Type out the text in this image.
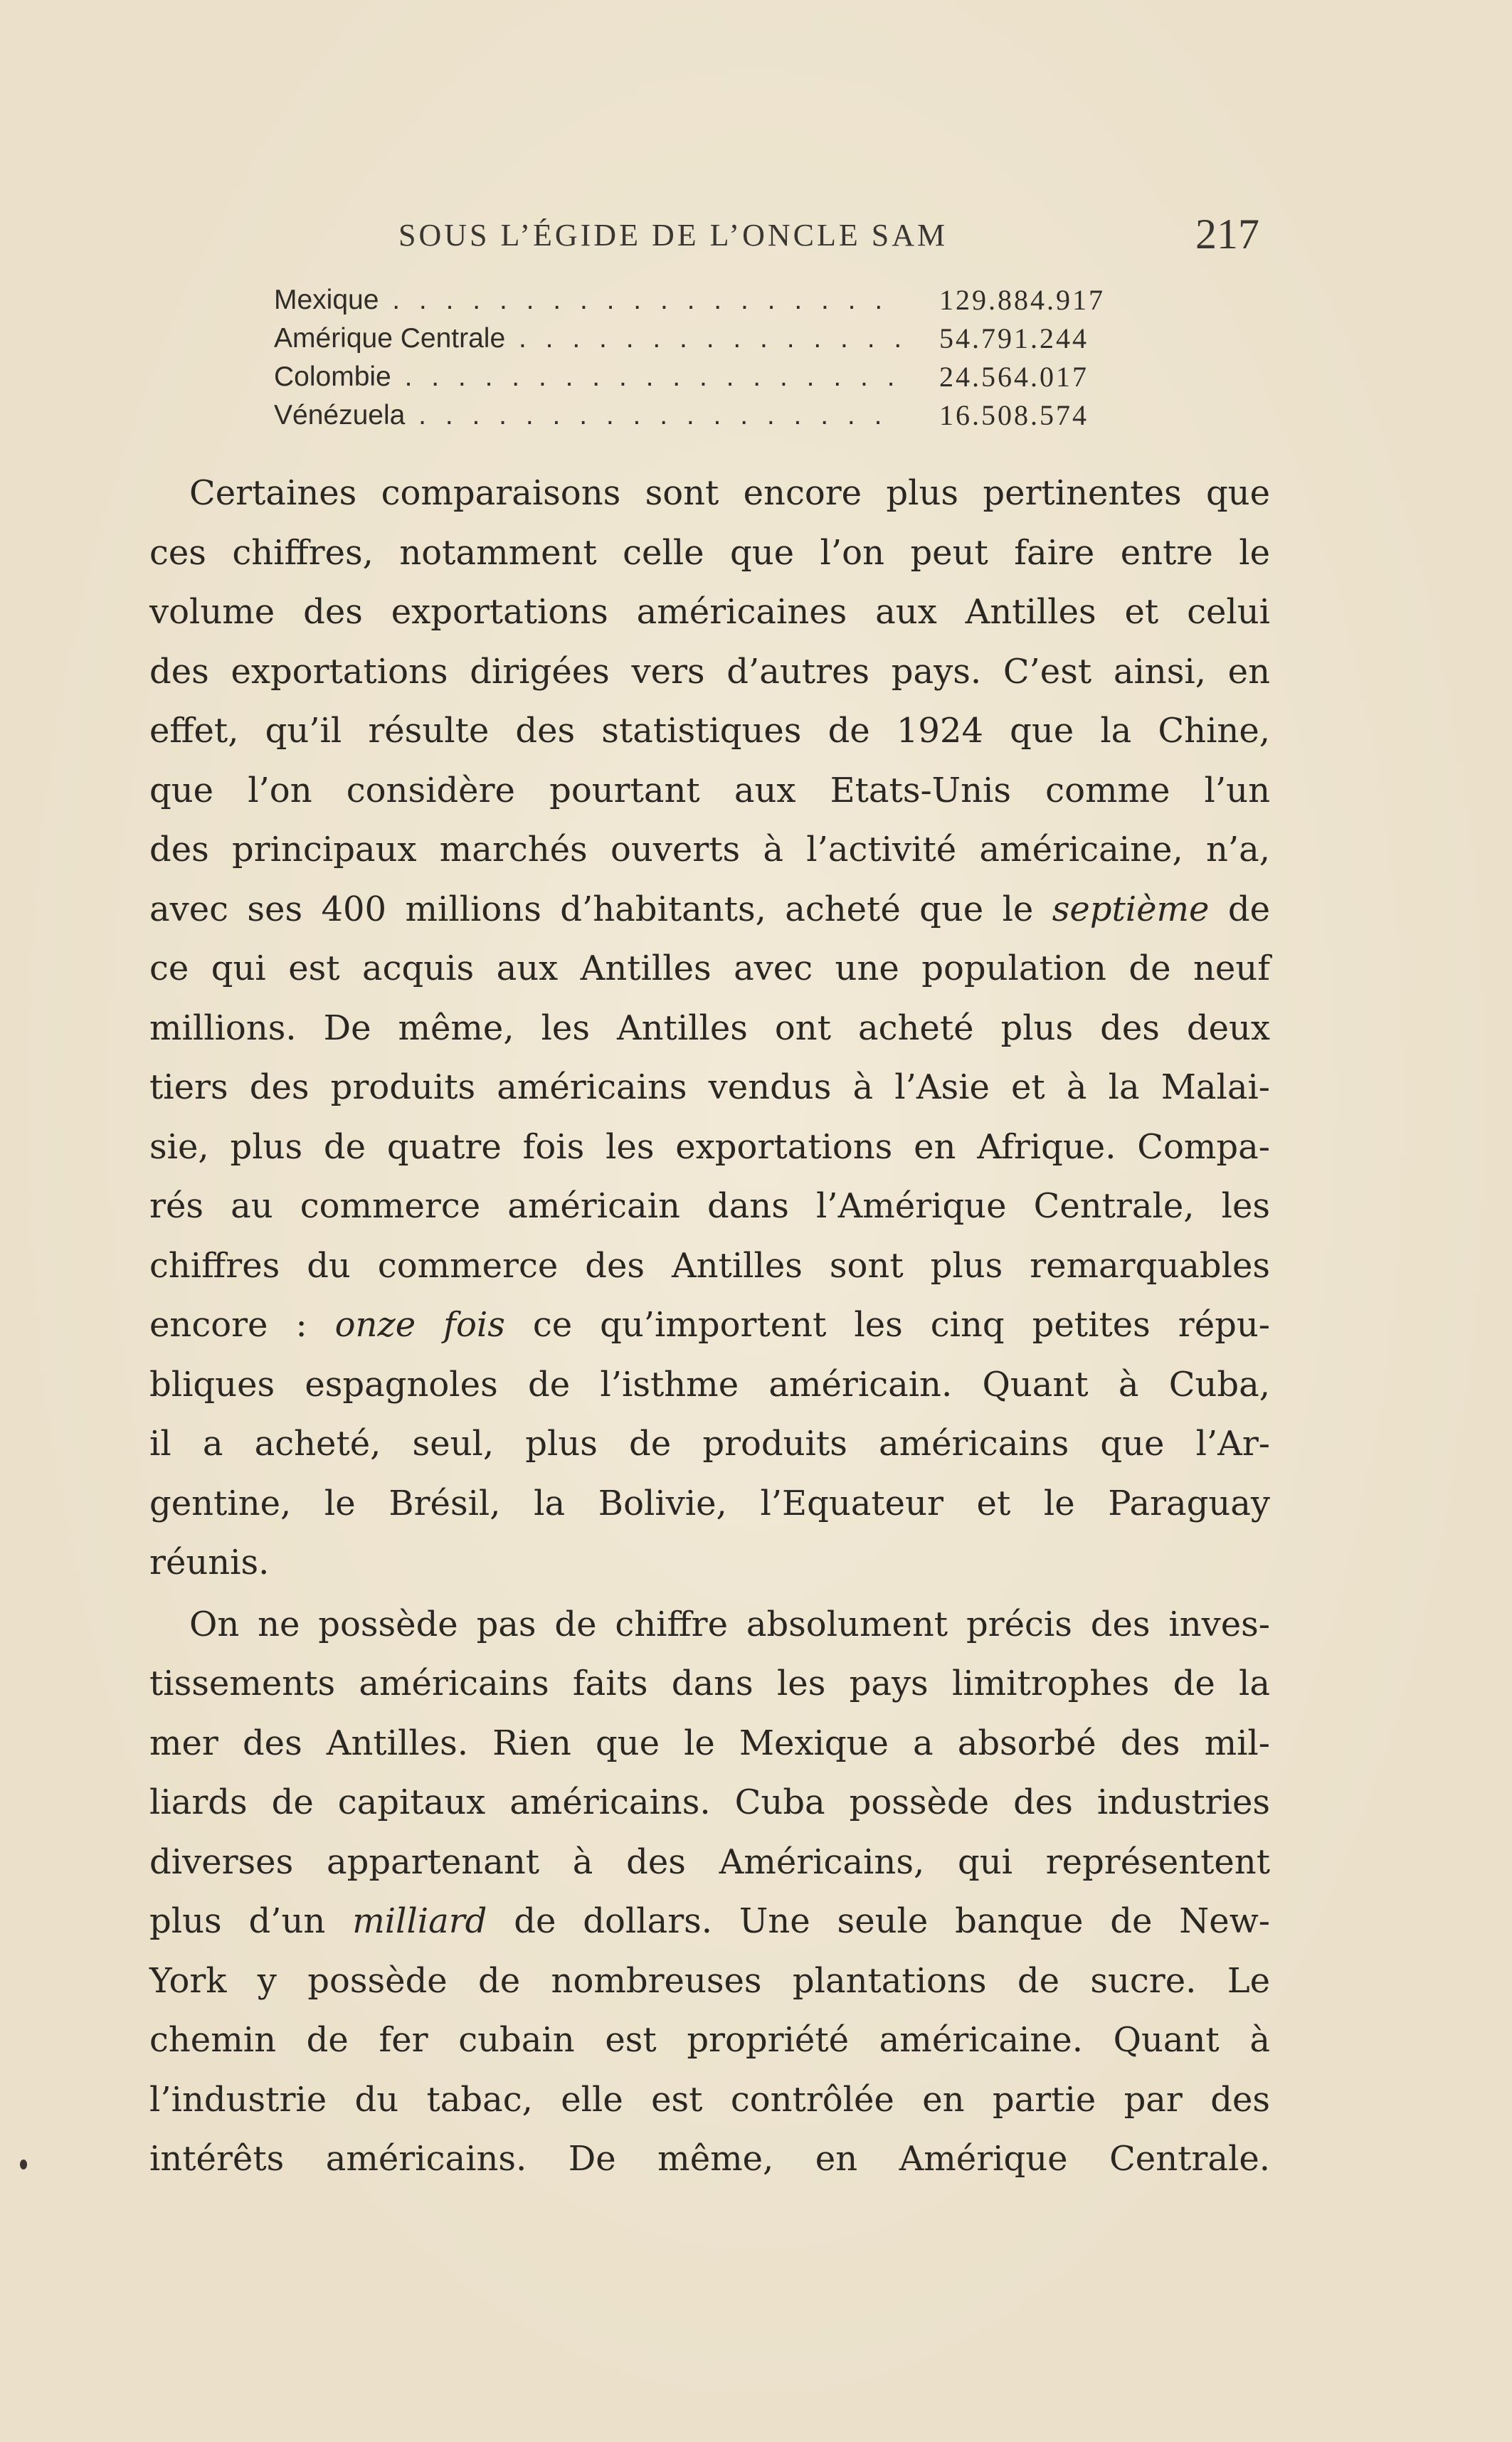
SOUS L’ÉGIDE DE L’ONCLE SAM	217
Mexique . . .	129.884.917
Amérique Centrale . . .	54.791.244
Colombie . . .	24.564.017
Vénézuela . . .	16.508.574

Certaines comparaisons sont encore plus pertinentes que
ces chiffres, notamment celle que l’on peut faire entre le
volume des exportations américaines aux Antilles et celui
des exportations dirigées vers d’autres pays. C’est ainsi, en
effet, qu’il résulte des statistiques de 1924 que la Chine,
que l’on considère pourtant aux Etats-Unis comme l’un
des principaux marchés ouverts à l’activité américaine, n’a,
avec ses 400 millions d’habitants, acheté que le septième de
ce qui est acquis aux Antilles avec une population de neuf
millions. De même, les Antilles ont acheté plus des deux
tiers des produits américains vendus à l’Asie et à la Malai-
sie, plus de quatre fois les exportations en Afrique. Compa-
rés au commerce américain dans l’Amérique Centrale, les
chiffres du commerce des Antilles sont plus remarquables
encore : onze fois ce qu’importent les cinq petites répu-
bliques espagnoles de l’isthme américain. Quant à Cuba,
il a acheté, seul, plus de produits américains que l’Ar-
gentine, le Brésil, la Bolivie, l’Equateur et le Paraguay
réunis.

On ne possède pas de chiffre absolument précis des inves-
tissements américains faits dans les pays limitrophes de la
mer des Antilles. Rien que le Mexique a absorbé des mil-
liards de capitaux américains. Cuba possède des industries
diverses appartenant à des Américains, qui représentent
plus d’un milliard de dollars. Une seule banque de New-
York y possède de nombreuses plantations de sucre. Le
chemin de fer cubain est propriété américaine. Quant à
l’industrie du tabac, elle est contrôlée en partie par des
intérêts américains. De même, en Amérique Centrale.
